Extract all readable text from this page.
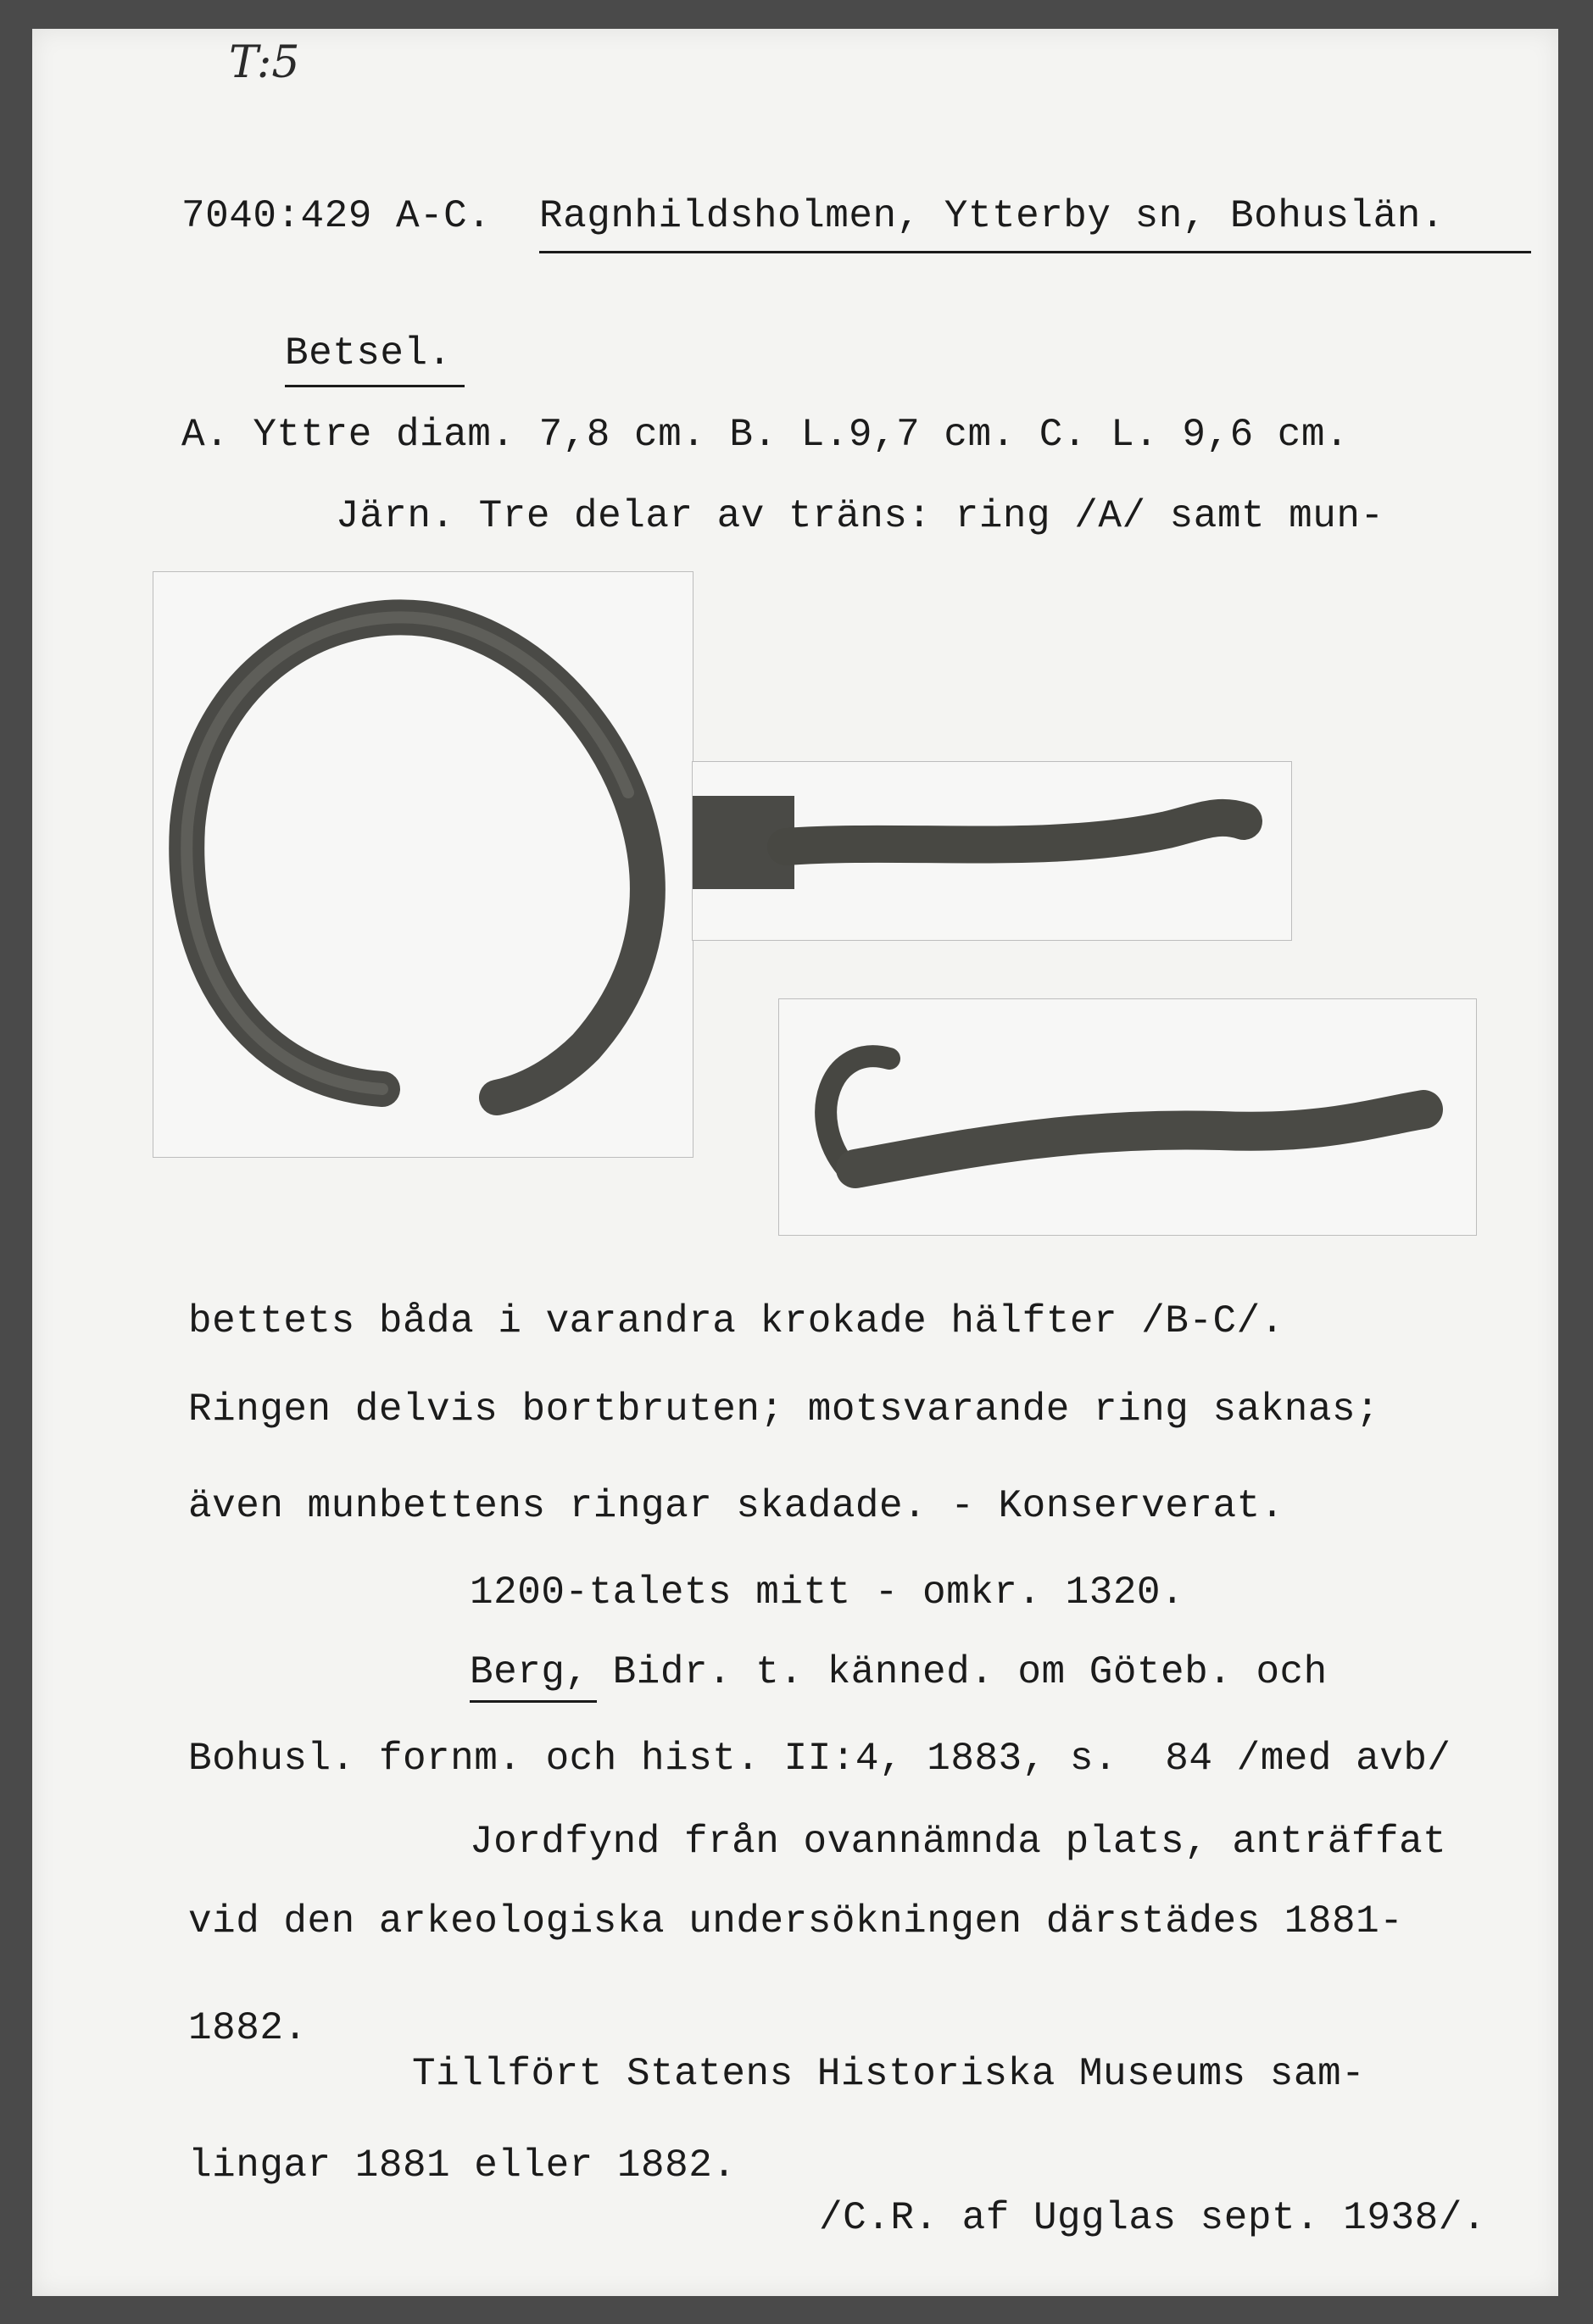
T:5
7040:429 A-C. Ragnhildsholmen, Ytterby sn, Bohuslän.
Betsel.
A. Yttre diam. 7,8 cm. B. L.9,7 cm. C. L. 9,6 cm.
Järn. Tre delar av träns: ring /A/ samt mun-
bettets båda i varandra krokade hälfter /B-C/.
Ringen delvis bortbruten; motsvarande ring saknas;
även munbettens ringar skadade. - Konserverat.
1200-talets mitt - omkr. 1320.
Berg, Bidr. t. känned. om Göteb. och
Bohusl. fornm. och hist. II:4, 1883, s.  84 /med avb/
Jordfynd från ovannämnda plats, anträffat
vid den arkeologiska undersökningen därstädes 1881-
1882.
Tillfört Statens Historiska Museums sam-
lingar 1881 eller 1882.
/C.R. af Ugglas sept. 1938/.
